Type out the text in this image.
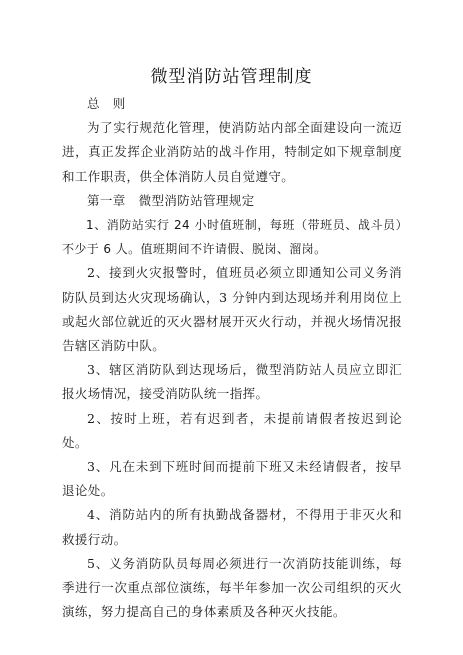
微型消防站管理制度

总　则

为了实行规范化管理，使消防站内部全面建设向一流迈进，真正发挥企业消防站的战斗作用，特制定如下规章制度和工作职责，供全体消防人员自觉遵守。

第一章　微型消防站管理规定

1、消防站实行 24 小时值班制，每班（带班员、战斗员）不少于 6 人。值班期间不许请假、脱岗、溜岗。

2、接到火灾报警时，值班员必须立即通知公司义务消防队员到达火灾现场确认，3 分钟内到达现场并利用岗位上或起火部位就近的灭火器材展开灭火行动，并视火场情况报告辖区消防中队。

3、辖区消防队到达现场后，微型消防站人员应立即汇报火场情况，接受消防队统一指挥。

2、按时上班，若有迟到者，未提前请假者按迟到论处。

3、凡在未到下班时间而提前下班又未经请假者，按早退论处。

4、消防站内的所有执勤战备器材，不得用于非灭火和救援行动。

5、义务消防队员每周必须进行一次消防技能训练，每季进行一次重点部位演练，每半年参加一次公司组织的灭火演练，努力提高自己的身体素质及各种灭火技能。
